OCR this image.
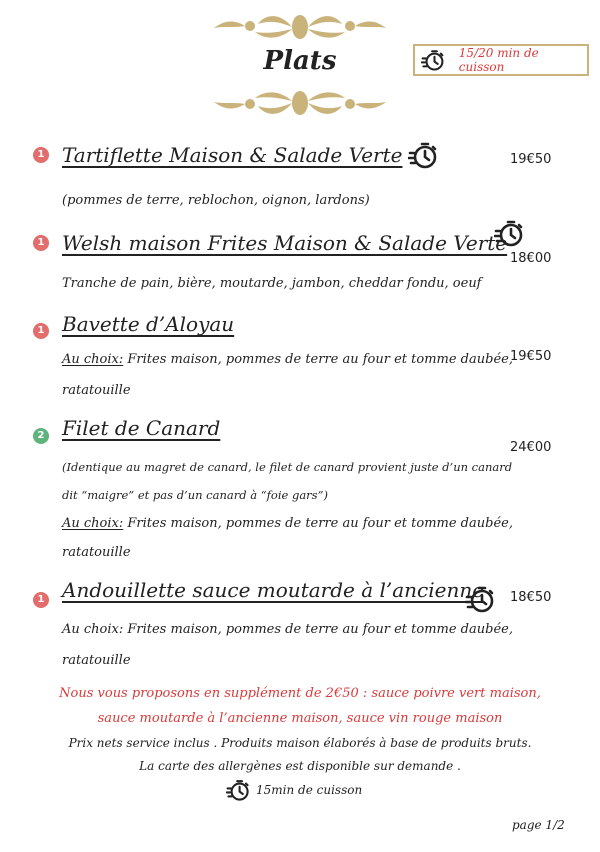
Plats	15/20 min de cuisson
1 Tartiflette Maison & Salade Verte	19€50
(pommes de terre, reblochon, oignon, lardons)
1 Welsh maison Frites Maison & Salade Verte
18€00
Tranche de pain, bière, moutarde, jambon, cheddar fondu, oeuf
1 Bavette d’Aloyau
19€50
Au choix: Frites maison, pommes de terre au four et tomme daubée,
ratatouille
2 Filet de Canard
24€00
(Identique au magret de canard, le filet de canard provient juste d’un canard
dit “maigre” et pas d’un canard à “foie gars”)
Au choix: Frites maison, pommes de terre au four et tomme daubée,
ratatouille
1 Andouillette sauce moutarde à l’ancienne 18€50
Au choix: Frites maison, pommes de terre au four et tomme daubée,
ratatouille
Nous vous proposons en supplément de 2€50 : sauce poivre vert maison,
sauce moutarde à l’ancienne maison, sauce vin rouge maison
Prix nets service inclus . Produits maison élaborés à base de produits bruts.
La carte des allergènes est disponible sur demande .
15min de cuisson
page 1/2
